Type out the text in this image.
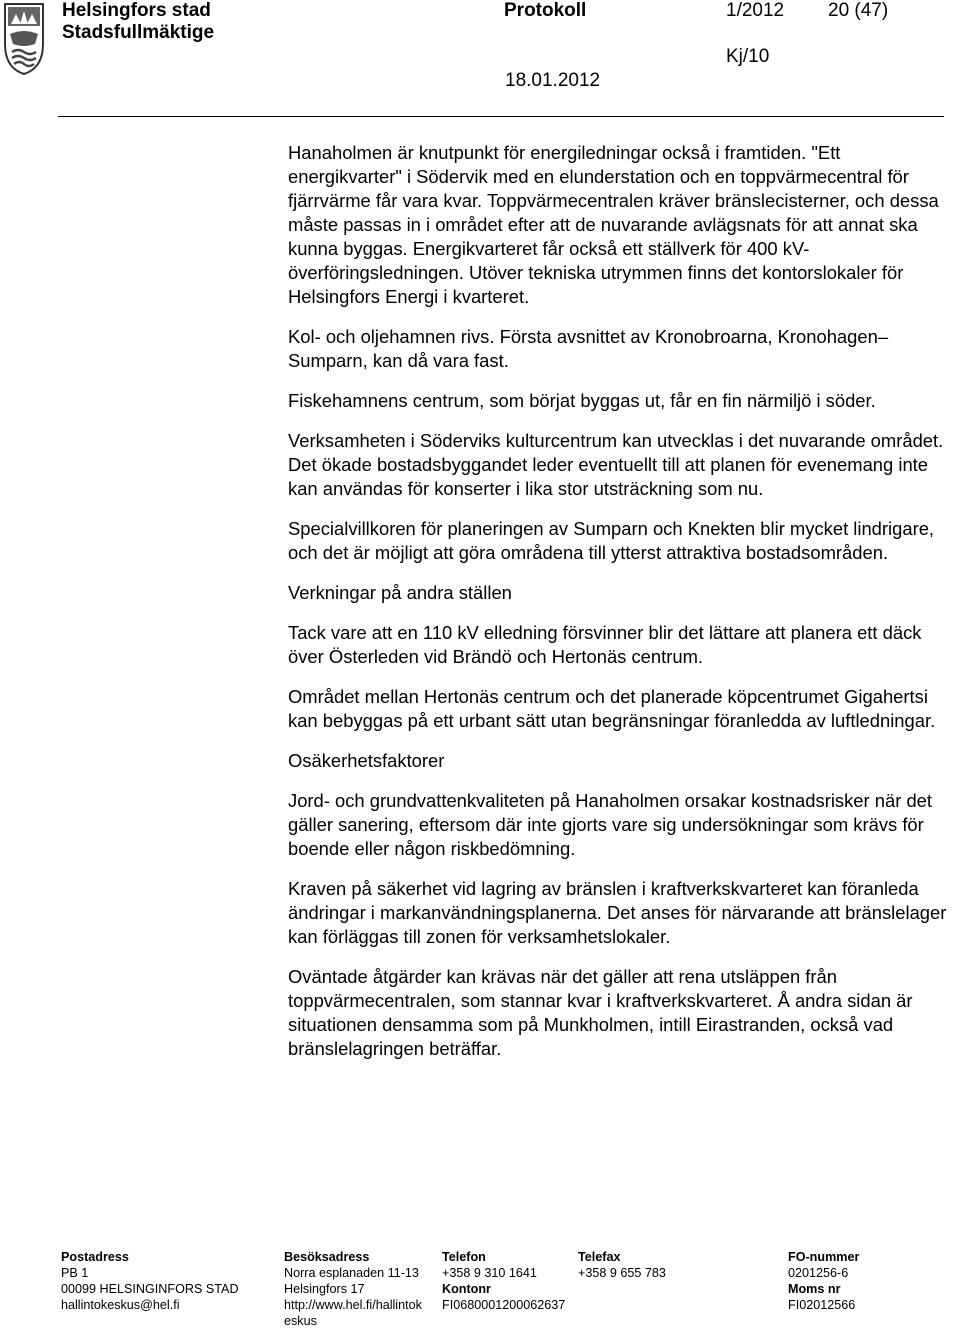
Helsingfors stad
Stadsfullmäktige
Protokoll	1/2012 20 (47)
Kj/10
18.01.2012

Hanaholmen är knutpunkt för energiledningar också i framtiden. "Ett energikvarter" i Södervik med en elunderstation och en toppvärmecentral för fjärrvärme får vara kvar. Toppvärmecentralen kräver bränslecisterner, och dessa måste passas in i området efter att de nuvarande avlägsnats för att annat ska kunna byggas. Energikvarteret får också ett ställverk för 400 kV-överföringsledningen. Utöver tekniska utrymmen finns det kontorslokaler för Helsingfors Energi i kvarteret.

Kol- och oljehamnen rivs. Första avsnittet av Kronobroarna, Kronohagen–Sumparn, kan då vara fast.

Fiskehamnens centrum, som börjat byggas ut, får en fin närmiljö i söder.

Verksamheten i Söderviks kulturcentrum kan utvecklas i det nuvarande området. Det ökade bostadsbyggandet leder eventuellt till att planen för evenemang inte kan användas för konserter i lika stor utsträckning som nu.

Specialvillkoren för planeringen av Sumparn och Knekten blir mycket lindrigare, och det är möjligt att göra områdena till ytterst attraktiva bostadsområden.

Verkningar på andra ställen

Tack vare att en 110 kV elledning försvinner blir det lättare att planera ett däck över Österleden vid Brändö och Hertonäs centrum.

Området mellan Hertonäs centrum och det planerade köpcentrumet Gigahertsi kan bebyggas på ett urbant sätt utan begränsningar föranledda av luftledningar.

Osäkerhetsfaktorer

Jord- och grundvattenkvaliteten på Hanaholmen orsakar kostnadsrisker när det gäller sanering, eftersom där inte gjorts vare sig undersökningar som krävs för boende eller någon riskbedömning.

Kraven på säkerhet vid lagring av bränslen i kraftverkskvarteret kan föranleda ändringar i markanvändningsplanerna. Det anses för närvarande att bränslelager kan förläggas till zonen för verksamhetslokaler.

Oväntade åtgärder kan krävas när det gäller att rena utsläppen från toppvärmecentralen, som stannar kvar i kraftverkskvarteret. Å andra sidan är situationen densamma som på Munkholmen, intill Eirastranden, också vad bränslelagringen beträffar.

Postadress
PB 1
00099 HELSINGINFORS STAD
hallintokeskus@hel.fi
Besöksadress
Norra esplanaden 11-13
Helsingfors 17
http://www.hel.fi/hallintok
eskus
Telefon
+358 9 310 1641
Kontonr
FI0680001200062637
Telefax
+358 9 655 783
FO-nummer
0201256-6
Moms nr
FI02012566
